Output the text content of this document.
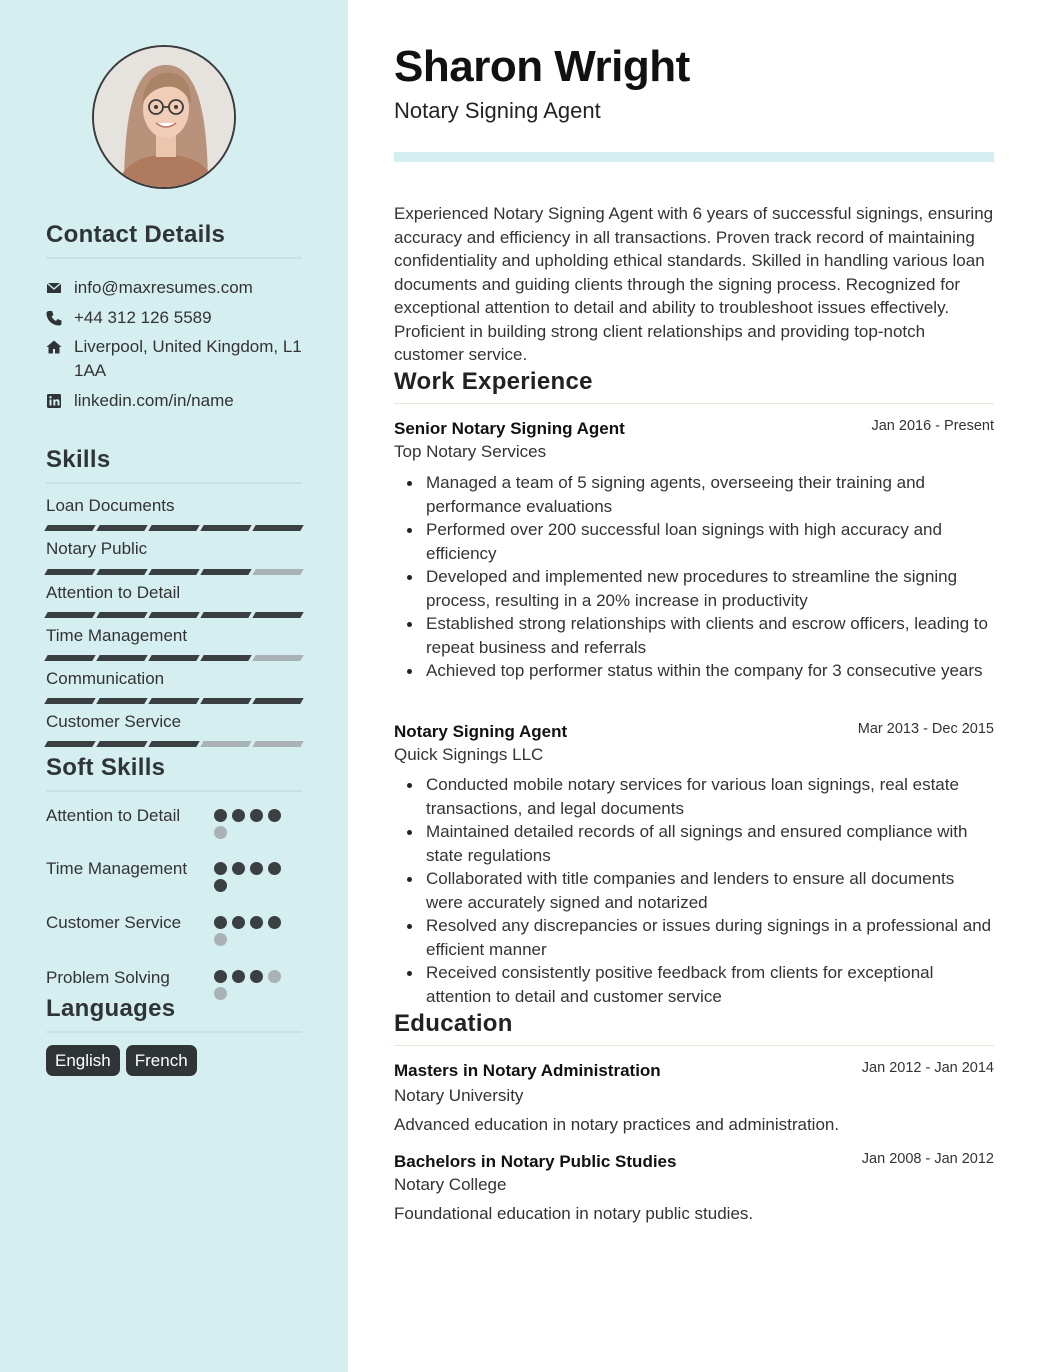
Contact Details
info@maxresumes.com
+44 312 126 5589
Liverpool, United Kingdom, L1 1AA
linkedin.com/in/name
Skills
Loan Documents
Notary Public
Attention to Detail
Time Management
Communication
Customer Service
Soft Skills
Attention to Detail
Time Management
Customer Service
Problem Solving
Languages
English	French
Sharon Wright
Notary Signing Agent

Experienced Notary Signing Agent with 6 years of successful signings, ensuring accuracy and efficiency in all transactions. Proven track record of maintaining confidentiality and upholding ethical standards. Skilled in handling various loan documents and guiding clients through the signing process. Recognized for exceptional attention to detail and ability to troubleshoot issues effectively. Proficient in building strong client relationships and providing top-notch customer service.

Work Experience
Senior Notary Signing Agent	Jan 2016 - Present
Top Notary Services
Managed a team of 5 signing agents, overseeing their training and performance evaluations
Performed over 200 successful loan signings with high accuracy and efficiency
Developed and implemented new procedures to streamline the signing process, resulting in a 20% increase in productivity
Established strong relationships with clients and escrow officers, leading to repeat business and referrals
Achieved top performer status within the company for 3 consecutive years
Notary Signing Agent	Mar 2013 - Dec 2015
Quick Signings LLC
Conducted mobile notary services for various loan signings, real estate transactions, and legal documents
Maintained detailed records of all signings and ensured compliance with state regulations
Collaborated with title companies and lenders to ensure all documents were accurately signed and notarized
Resolved any discrepancies or issues during signings in a professional and efficient manner
Received consistently positive feedback from clients for exceptional attention to detail and customer service
Education
Masters in Notary Administration	Jan 2012 - Jan 2014
Notary University
Advanced education in notary practices and administration.
Bachelors in Notary Public Studies	Jan 2008 - Jan 2012
Notary College
Foundational education in notary public studies.
